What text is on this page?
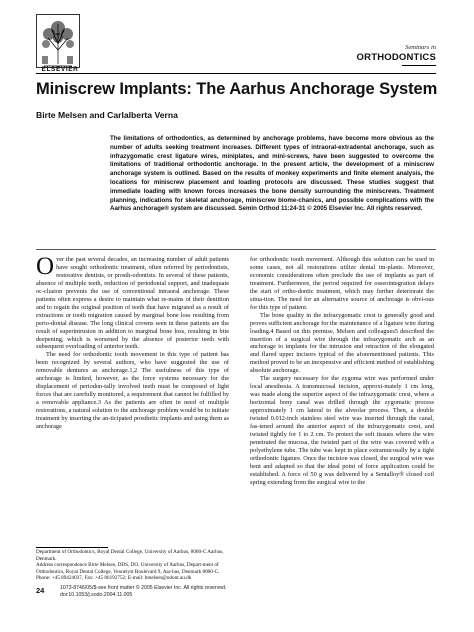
ELSEVIER
Seminars in
ORTHODONTICS
Miniscrew Implants: The Aarhus Anchorage System
Birte Melsen and Carlalberta Verna
The limitations of orthodontics, as determined by anchorage problems, have become more obvious as the number of adults seeking treatment increases. Different types of intraoral-extradental anchorage, such as infrazygomatic crest ligature wires, miniplates, and mini-screws, have been suggested to overcome the limitations of traditional orthodontic anchorage. In the present article, the development of a miniscrew anchorage system is outlined. Based on the results of monkey experiments and finite element analysis, the locations for miniscrew placement and loading protocols are discussed. These studies suggest that immediate loading with known forces increases the bone density surrounding the miniscrews. Treatment planning, indications for skeletal anchorage, miniscrew biome-chanics, and possible complications with the Aarhus anchorage® system are discussed. Semin Orthod 11:24-31 © 2005 Elsevier Inc. All rights reserved.

Over the past several decades, an increasing number of adult patients have sought orthodontic treatment, often referred by periodontists, restorative dentists, or prosth-odontists. In several of these patients, absence of multiple teeth, reduction of periodontal support, and inadequate oc-clusion prevents the use of conventional intraoral anchorage. These patients often express a desire to maintain what re-mains of their dentition and to regain the original position of teeth that have migrated as a result of extractions or tooth migration caused by marginal bone loss resulting from perio-dontal disease. The long clinical crowns seen in these patients are the result of superintrusion in addition to marginal bone loss, resulting in bite deepening, which is worsened by the absence of posterior teeth with subsequent overloading of anterior teeth.

The need for orthodontic tooth movement in this type of patient has been recognized by several authors, who have suggested the use of removable dentures as anchorage.1,2 The usefulness of this type of anchorage is limited, however, as the force systems necessary for the displacement of periodon-tally involved teeth must be composed of light forces that are carefully monitored, a requirement that cannot be fulfilled by a removable appliance.3 As the patients are often in need of multiple restorations, a natural solution to the anchorage problem would be to initiate treatment by inserting the an-ticipated prosthetic implants and using them as anchorage

for orthodontic tooth movement. Although this solution can be used in some cases, not all restorations utilize dental im-plants. Moreover, economic considerations often preclude the use of implants as part of treatment. Furthermore, the period required for osseointegration delays the start of ortho-dontic treatment, which may further deteriorate the situa-tion. The need for an alternative source of anchorage is obvi-ous for this type of patient.

The bone quality in the infrazygomatic crest is generally good and proves sufficient anchorage for the maintenance of a ligature wire during loading.4 Based on this premise, Melsen and colleagues5 described the insertion of a surgical wire through the infrazygomatic arch as an anchorage to implants for the intrusion and retraction of the elongated and flared upper incisors typical of the aforementioned patients. This method proved to be an inexpensive and efficient method of establishing absolute anchorage.

The surgery necessary for the zygoma wire was performed under local anesthesia. A transmucosal incision, approxi-mately 1 cm long, was made along the superior aspect of the infrazygomatic crest, where a horizontal bony canal was drilled through the zygomatic process approximately 1 cm lateral to the alveolar process. Then, a double twisted 0.012-inch stainless steel wire was inserted through the canal, fas-tened around the anterior aspect of the infrazygomatic crest, and twisted tightly for 1 to 2 cm. To protect the soft tissues where the wire penetrated the mucosa, the twisted part of the wire was covered with a polyethylene tube. The tube was kept in place extramucosally by a tight orthodontic ligature. Once the incision was closed, the surgical wire was bent and adapted so that the ideal point of force application could be established. A force of 50 g was delivered by a Sentalloy® closed coil spring extending from the surgical wire to the

Department of Orthodontics, Royal Dental College, University of Aarhus, 8000-C Aarhus, Denmark.

Address correspondence Birte Melsen, DDS, DO, University of Aarhus, Depart-ment of Orthodontics, Royal Dental College, Vennelyst Boulevard 9, Aar-hus, Denmark 8000-C. Phone: +45 89424037, Fax: +45 86192752; E-mail: bmelsen@odont.au.dk

24	1073-8746/05/$-see front matter © 2005 Elsevier Inc. All rights reserved.
doi:10.1053/j.sodo.2004.11.005
